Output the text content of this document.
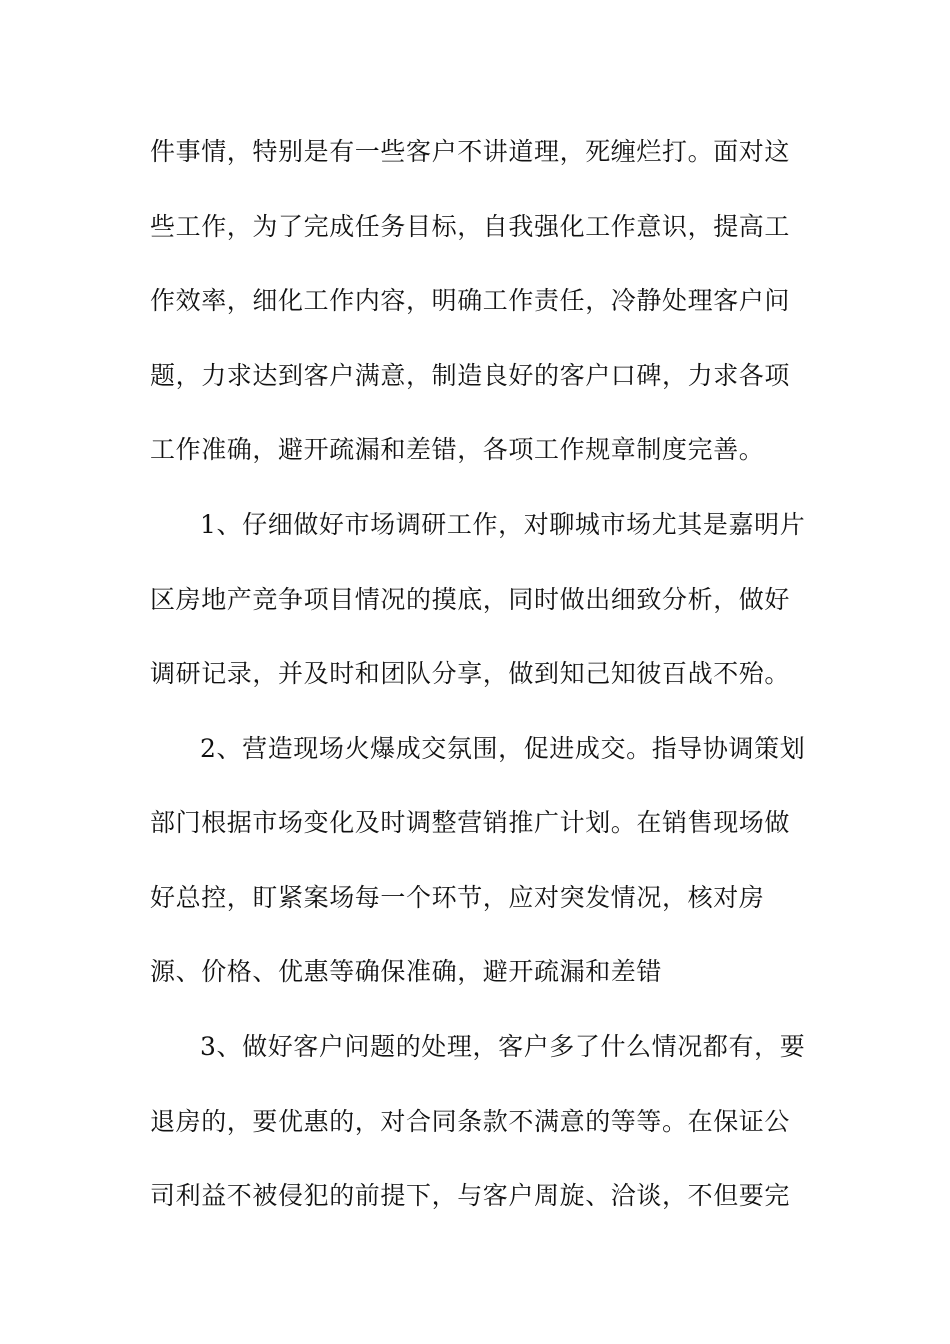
件事情，特别是有一些客户不讲道理，死缠烂打。面对这
些工作，为了完成任务目标，自我强化工作意识，提高工
作效率，细化工作内容，明确工作责任，冷静处理客户问
题，力求达到客户满意，制造良好的客户口碑，力求各项
工作准确，避开疏漏和差错，各项工作规章制度完善。
1、仔细做好市场调研工作，对聊城市场尤其是嘉明片
区房地产竞争项目情况的摸底，同时做出细致分析，做好
调研记录，并及时和团队分享，做到知己知彼百战不殆。
2、营造现场火爆成交氛围，促进成交。指导协调策划
部门根据市场变化及时调整营销推广计划。在销售现场做
好总控，盯紧案场每一个环节，应对突发情况，核对房
源、价格、优惠等确保准确，避开疏漏和差错
3、做好客户问题的处理，客户多了什么情况都有，要
退房的，要优惠的，对合同条款不满意的等等。在保证公
司利益不被侵犯的前提下，与客户周旋、洽谈，不但要完
